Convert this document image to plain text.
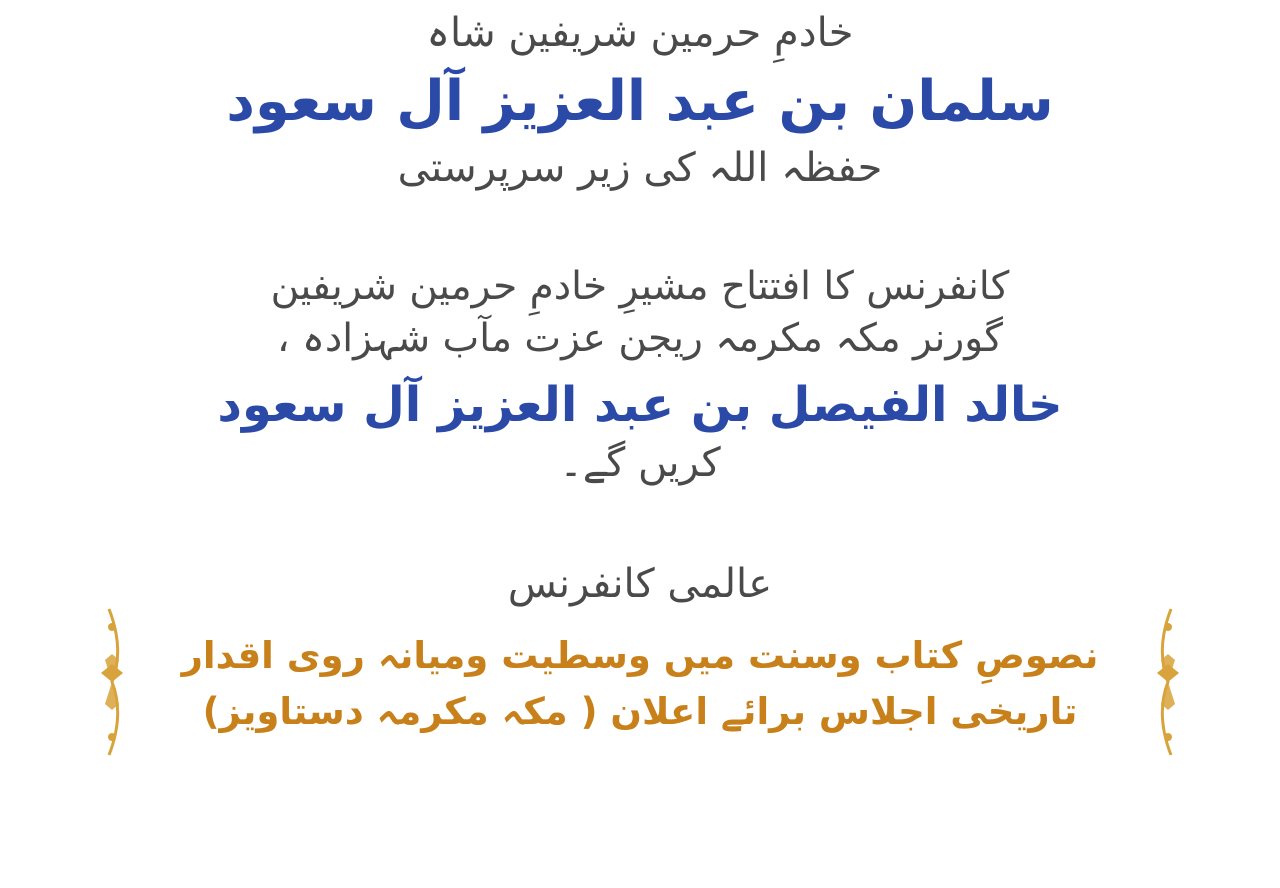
خادمِ حرمین شریفین شاہ
سلمان بن عبد العزیز آل سعود
حفظہ اللہ کی زیر سرپرستی
کانفرنس کا افتتاح مشیرِ خادمِ حرمین شریفین
گورنر مکہ مکرمہ ریجن عزت مآب شہزادہ ،
خالد الفیصل بن عبد العزیز آل سعود
کریں گے۔
عالمی کانفرنس
نصوصِ کتاب وسنت میں وسطیت ومیانہ روی اقدار
تاریخی اجلاس برائے اعلان ( مکہ مکرمہ دستاویز)
